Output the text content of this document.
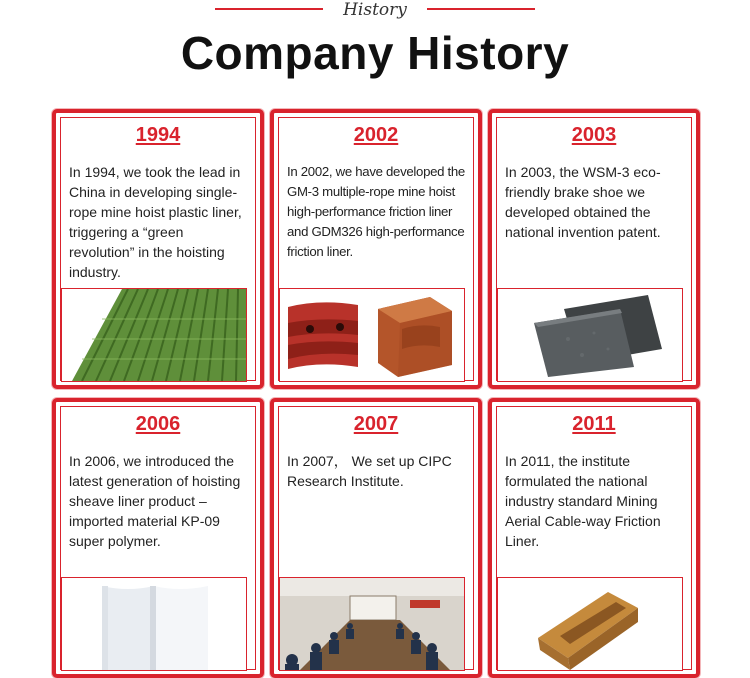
History
Company History
1994
In 1994, we took the lead in China in developing single-rope mine hoist plastic liner, triggering a “green revolution” in the hoisting industry.
2002
In 2002, we have developed the GM-3 multiple-rope mine hoist high-performance friction liner and GDM326 high-performance friction liner.
2003
In 2003, the WSM-3 eco-friendly brake shoe we developed obtained the national invention patent.
2006
In 2006, we introduced the latest generation of hoisting sheave liner product – imported material KP-09 super polymer.
2007
In 2007， We set up CIPC Research Institute.
2011
In 2011, the institute formulated the national industry standard Mining Aerial Cable-way Friction Liner.
